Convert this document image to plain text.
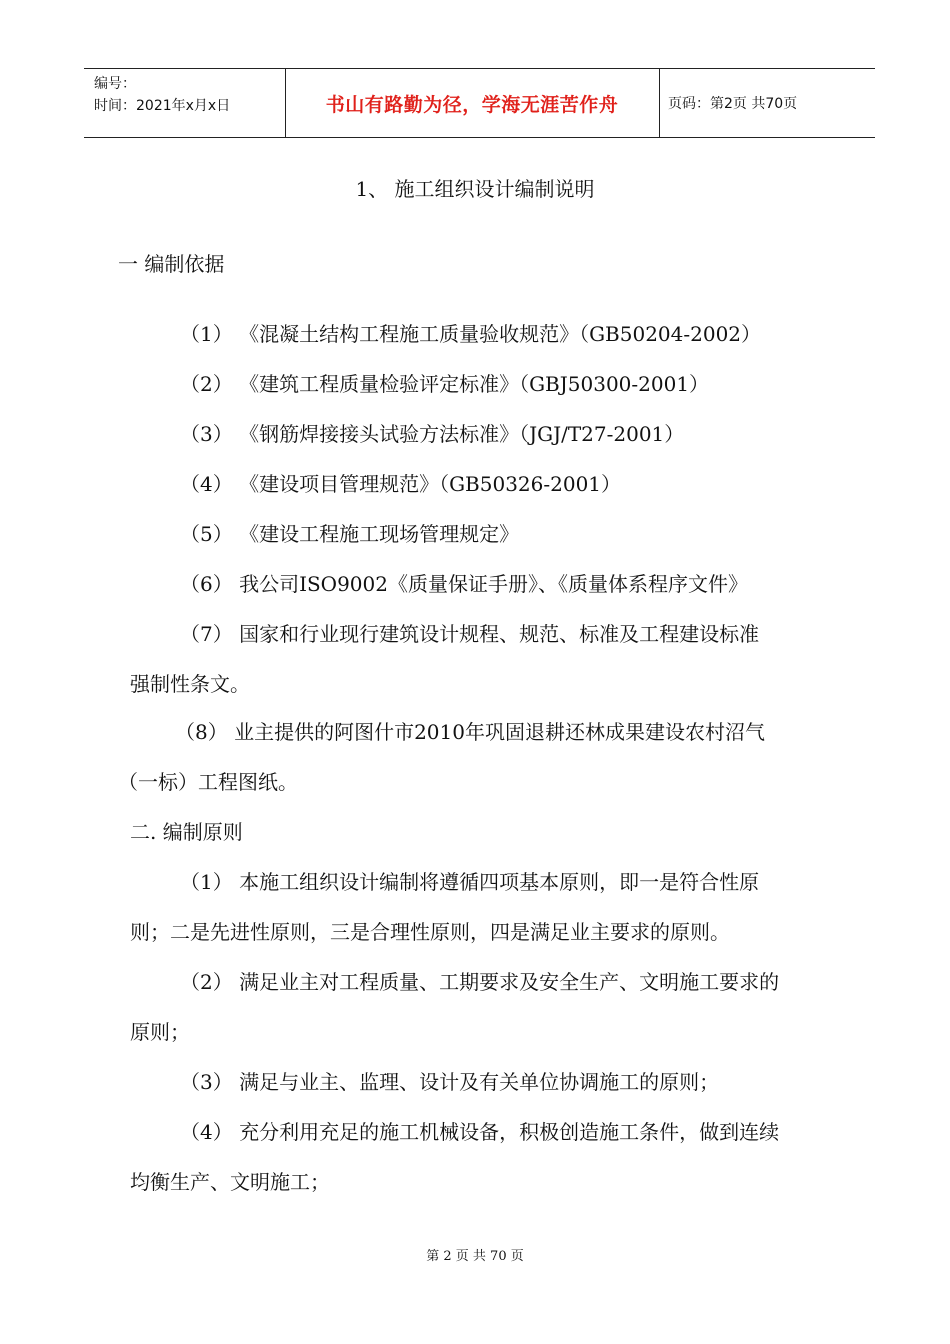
编号：
时间：2021年x月x日	书山有路勤为径，学海无涯苦作舟	页码：第2页 共70页
1、 施工组织设计编制说明
一 编制依据
（1） 《混凝土结构工程施工质量验收规范》（GB50204-2002）
（2） 《建筑工程质量检验评定标准》（GBJ50300-2001）
（3） 《钢筋焊接接头试验方法标准》（JGJ/T27-2001）
（4） 《建设项目管理规范》（GB50326-2001）
（5） 《建设工程施工现场管理规定》
（6） 我公司ISO9002《质量保证手册》、《质量体系程序文件》
（7） 国家和行业现行建筑设计规程、规范、标准及工程建设标准
强制性条文。
（8） 业主提供的阿图什市2010年巩固退耕还林成果建设农村沼气
（一标）工程图纸。
二. 编制原则
（1） 本施工组织设计编制将遵循四项基本原则，即一是符合性原
则；二是先进性原则，三是合理性原则，四是满足业主要求的原则。
（2） 满足业主对工程质量、工期要求及安全生产、文明施工要求的
原则；
（3） 满足与业主、监理、设计及有关单位协调施工的原则；
（4） 充分利用充足的施工机械设备，积极创造施工条件，做到连续
均衡生产、文明施工；
第 2 页 共 70 页
